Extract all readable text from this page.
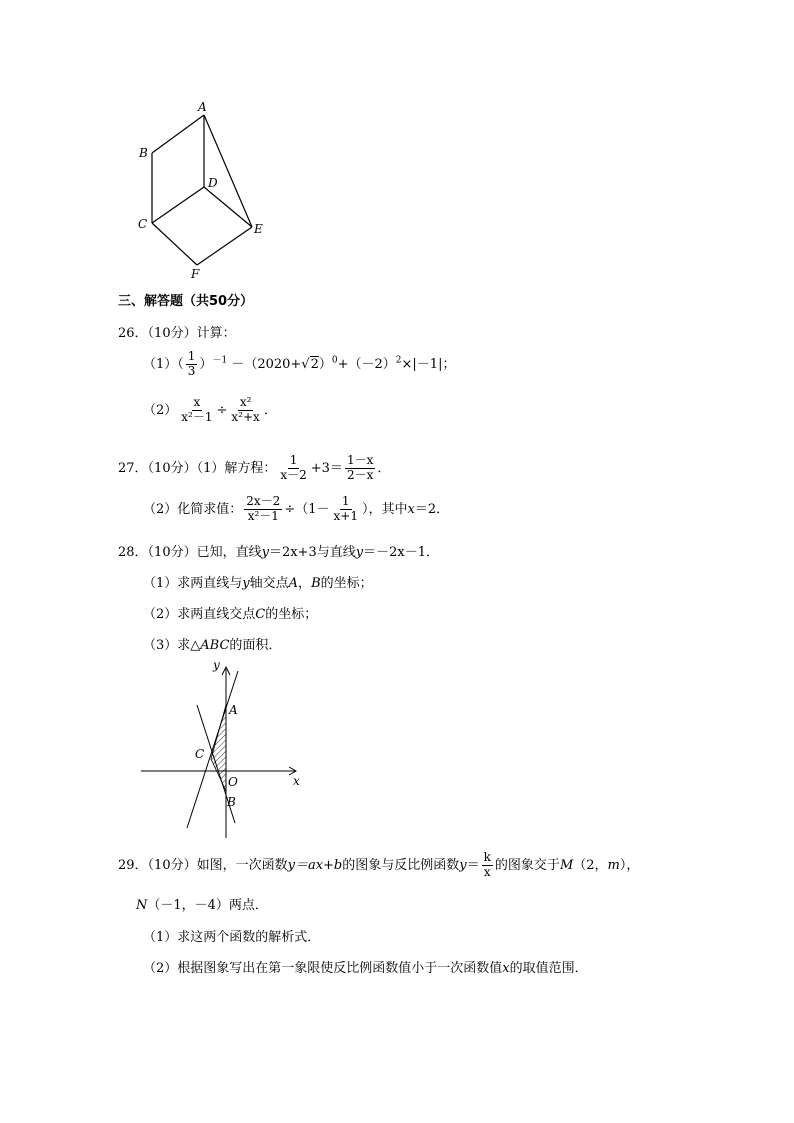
A
B
D
C	E
F
三、解答题（共50分）
26．（10分）计算：
$(1)( \frac{1}{3} )^{-1} -(2020+√2)^0+(-2)^2\times|-1|$；
$(2) \frac{x}{\text{x²－1}} \div \frac{\text{x²}}{\text{x²+x}}$ ．
27．（10分）（1）解方程： $\frac{1}{x-2} +3= \frac{1-x}{2-x}$ ．
（2）化简求值： $\frac{2x-2}{\text{x²－1}} \div(1- \frac{1}{x+1}$ ），其中x＝2．
28．（10分）已知，直线y＝2x+3与直线y＝－2x－1．
（1）求两直线与y轴交点A，B的坐标；
（2）求两直线交点C的坐标；
（3）求△ABC的面积．
y
A
C
O	x
B
29．（10分）如图，一次函数y＝ax+b的图象与反比例函数$y= \frac{k}{x}$ 的图象交于M（2，m），
N（－1，－4）两点．
（1）求这两个函数的解析式．
（2）根据图象写出在第一象限使反比例函数值小于一次函数值x的取值范围．
